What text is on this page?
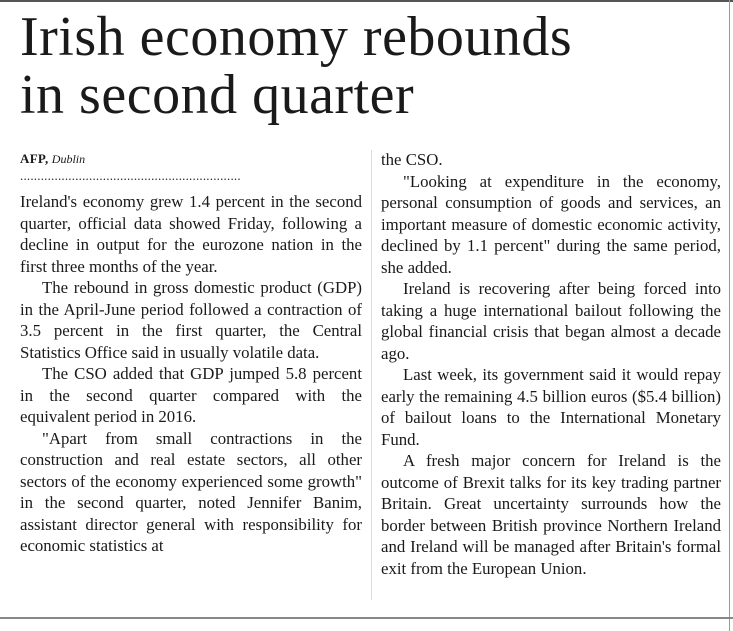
Irish economy rebounds
in second quarter
AFP, Dublin
................................................................

Ireland's economy grew 1.4 percent in the second quarter, official data showed Friday, following a decline in output for the eurozone nation in the first three months of the year.

The rebound in gross domestic product (GDP) in the April-June period followed a contraction of 3.5 percent in the first quarter, the Central Statistics Office said in usually volatile data.

The CSO added that GDP jumped 5.8 percent in the second quarter compared with the equivalent period in 2016.

"Apart from small contractions in the construction and real estate sectors, all other sectors of the economy experienced some growth" in the second quarter, noted Jennifer Banim, assistant director general with responsibility for economic statistics at

the CSO.

"Looking at expenditure in the economy, personal consumption of goods and services, an important measure of domestic economic activity, declined by 1.1 percent" during the same period, she added.

Ireland is recovering after being forced into taking a huge international bailout following the global financial crisis that began almost a decade ago.

Last week, its government said it would repay early the remaining 4.5 billion euros ($5.4 billion) of bailout loans to the International Monetary Fund.

A fresh major concern for Ireland is the outcome of Brexit talks for its key trading partner Britain. Great uncertainty surrounds how the border between British province Northern Ireland and Ireland will be managed after Britain's formal exit from the European Union.
